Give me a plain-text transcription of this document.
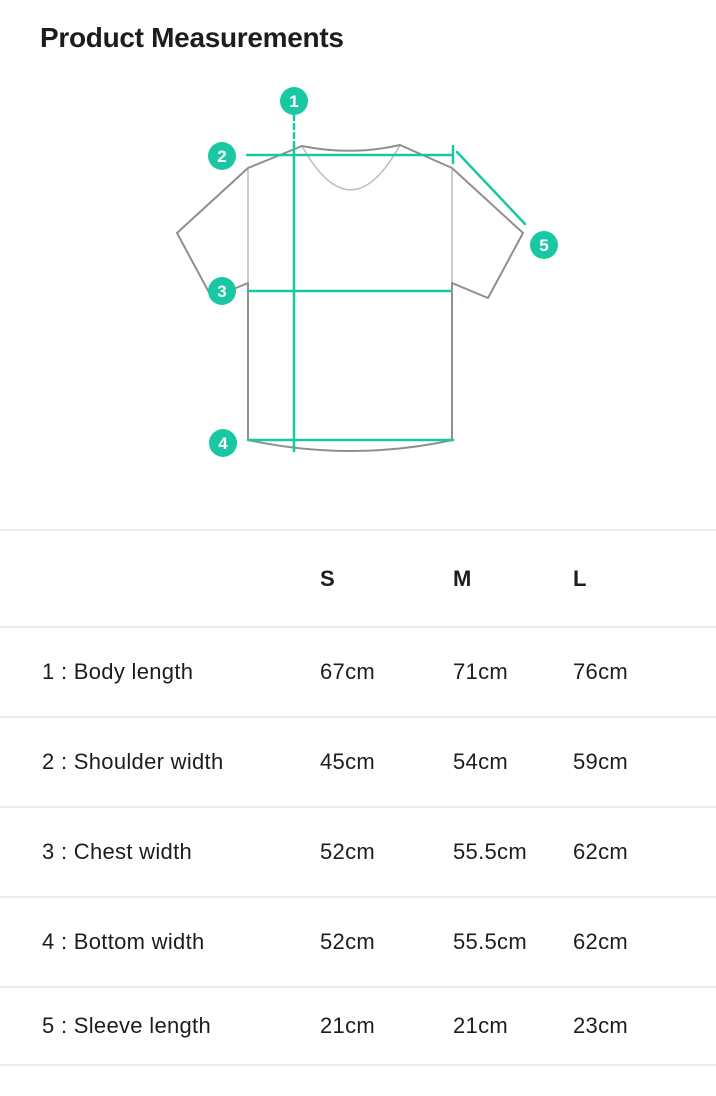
Product Measurements
1
2
3
4
5
S	M	L
1 : Body length	67cm	71cm	76cm
2 : Shoulder width	45cm	54cm	59cm
3 : Chest width	52cm	55.5cm	62cm
4 : Bottom width	52cm	55.5cm	62cm
5 : Sleeve length	21cm	21cm	23cm
